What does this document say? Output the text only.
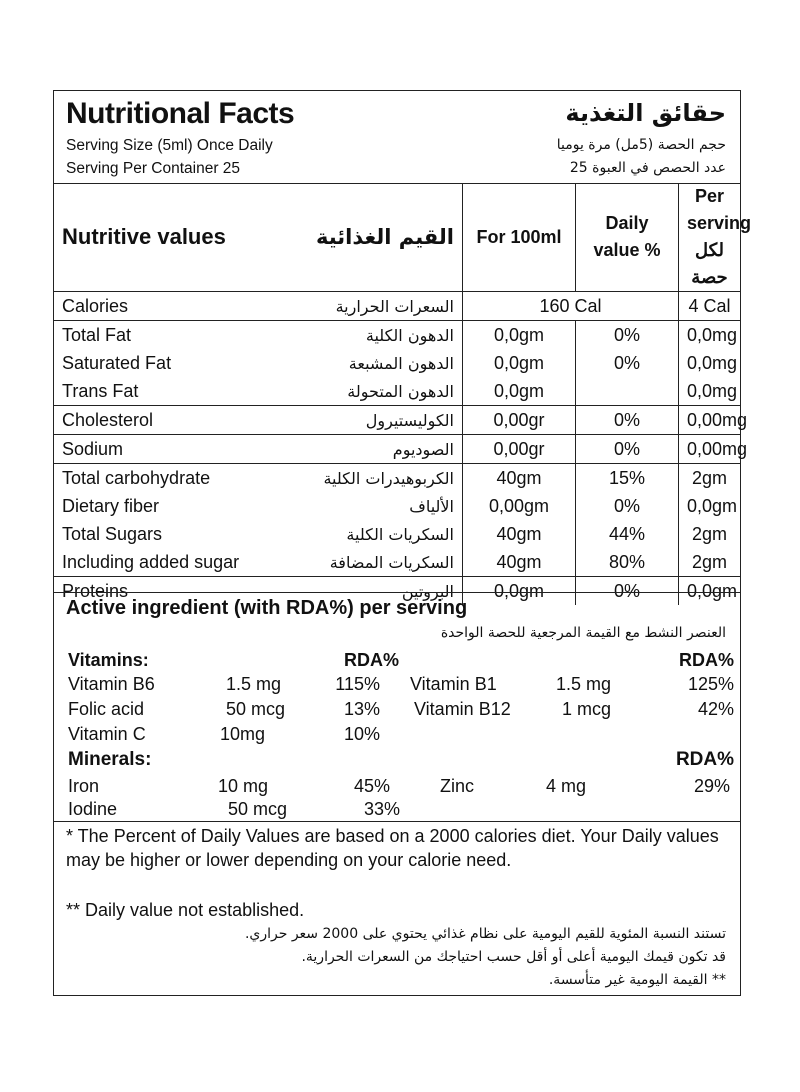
Nutritional Facts	حقائق التغذية
Serving Size (5ml) Once Daily	حجم الحصة (5مل) مرة يوميا
Serving Per Container 25	عدد الحصص في العبوة 25
Nutritive values القيم الغذائية	For 100ml	Daily value %	Per serving لكل حصة

Calories السعرات الحرارية	160 Cal		4 Cal

Total Fat الدهون الكلية	0,0gm	0%	0,0mg

Saturated Fat الدهون المشبعة	0,0gm	0%	0,0mg

Trans Fat الدهون المتحولة	0,0gm		0,0mg

Cholesterol الكوليستيرول	0,00gr	0%	0,00mg

Sodium الصوديوم	0,00gr	0%	0,00mg

Total carbohydrate الكربوهيدرات الكلية	40gm	15%	2gm

Dietary fiber الألياف	0,00gm	0%	0,0gm

Total Sugars السكريات الكلية	40gm	44%	2gm

Including added sugar السكريات المضافة	40gm	80%	2gm

Proteins البروتين	0,0gm	0%	0,0gm
Active ingredient (with RDA%) per serving
العنصر النشط مع القيمة المرجعية للحصة الواحدة
Vitamins:	RDA%	RDA%
Vitamin B6	1.5 mg	115% Vitamin B1	1.5 mg	125%
Folic acid	50 mcg	13% Vitamin B12	1 mcg	42%
Vitamin C	10mg	10%
Minerals:	RDA%
Iron	10 mg	45%	Zinc	4 mg	29%
Iodine	50 mcg	33%
* The Percent of Daily Values are based on a 2000 calories diet. Your Daily values may be higher or lower depending on your calorie need.
** Daily value not established.
تستند النسبة المئوية للقيم اليومية على نظام غذائي يحتوي على 2000 سعر حراري.
قد تكون قيمك اليومية أعلى أو أقل حسب احتياجك من السعرات الحرارية.
** القيمة اليومية غير متأسسة.
